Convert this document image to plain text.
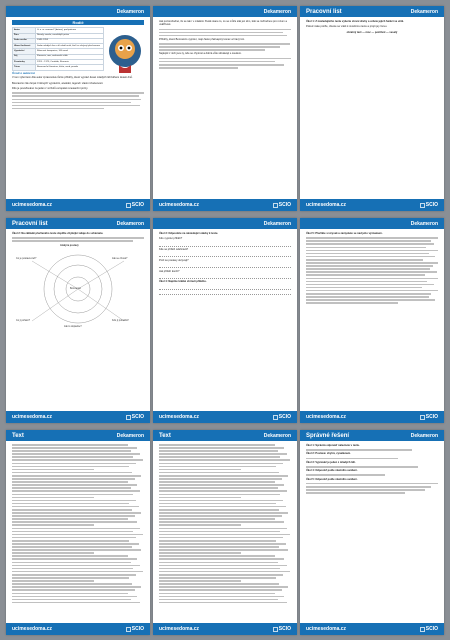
Dekameron
Rodič
Autor	G. u. m. narozen? (datum), pod jménem
Žánr	Novely, novela, rozsáhlejší próza
Doba vzniku	1348–1353
Hlavní hrdinové	Sedm mladých žen a tři mladí muži, kteří se ukrývají před morem
Vyprávění	Rámcová kompozice, 100 novel
Děj	Florencie, mor, venkovské sídlo
Poznámky	1313 – 1375, Certaldo, Florencie
Téma	Renesanční literatura, láska, osud, pravda
Úvod o autorovi

V tom výborném díle autor zpracovává různé příběhy, které vypráví deset mladých lidí během deseti dnů.

Boccaccio zde čerpá z lidových vyprávění, anekdot, legend i vlastní zkušenosti.

Dílo je považováno za jeden z vrcholů evropské renesanční prózy.

ucimesedoma.cz	SCIO
Dekameron

Jak pozoruhodné, že se tak i v mladém životě stane to, co se může stát jen těm, kdo se rozhodnou pro rozum a uvážlivost.

Příběhy, které Boccaccio vypráví, mají často překvapivý konec a hravý tón.

Nejlepší z nich jsou ty, kde se chytrost a dobrá vůle střetávají s osudem.

ucimesedoma.cz	SCIO
Pracovní list	Dekameron

Úkol 1: Z následujícího textu vyberte slovní druhy a určete jejich funkci ve větě.

Pokud máte potíže, zkuste se vrátit k úvodnímu textu a projít jej znovu.

obratný text — moc — pozitivní — veselý

ucimesedoma.cz	SCIO
Pracovní list	Dekameron

Úkol 2: Na základě přečteného textu doplňte chybějící údaje do schématu.

Analýza postavy
Co je postava zač?	Jak se chová?
Boccaccio
Co ji pohání?	Kdo jí pomáhá?
Jak to dopadne?
ucimesedoma.cz	SCIO
Dekameron

Úkol 3: Odpovězte na následující otázky k textu.

Kdo vypráví příběh?

Kde se příběh odehrává?

Proč se postavy ukrývají?

Jak příběh končí?

Úkol 4: Napište krátké shrnutí příběhu.

ucimesedoma.cz	SCIO
Dekameron

Úkol 5: Přečtěte si úryvek a zamyslete se nad jeho významem.

ucimesedoma.cz	SCIO
Text	Dekameron
ucimesedoma.cz	SCIO
Text	Dekameron
ucimesedoma.cz	SCIO
Správné řešení	Dekameron

Úkol 1: Správná odpověď naleznete v textu.

Úkol 2: Postava: chytrá, vynalézavá.

Úkol 3: Vypravěč je jeden z mladých lidí.

Úkol 4: Odpověď podle vlastního uvážení.

Úkol 5: Odpověď podle vlastního uvážení.

ucimesedoma.cz	SCIO
